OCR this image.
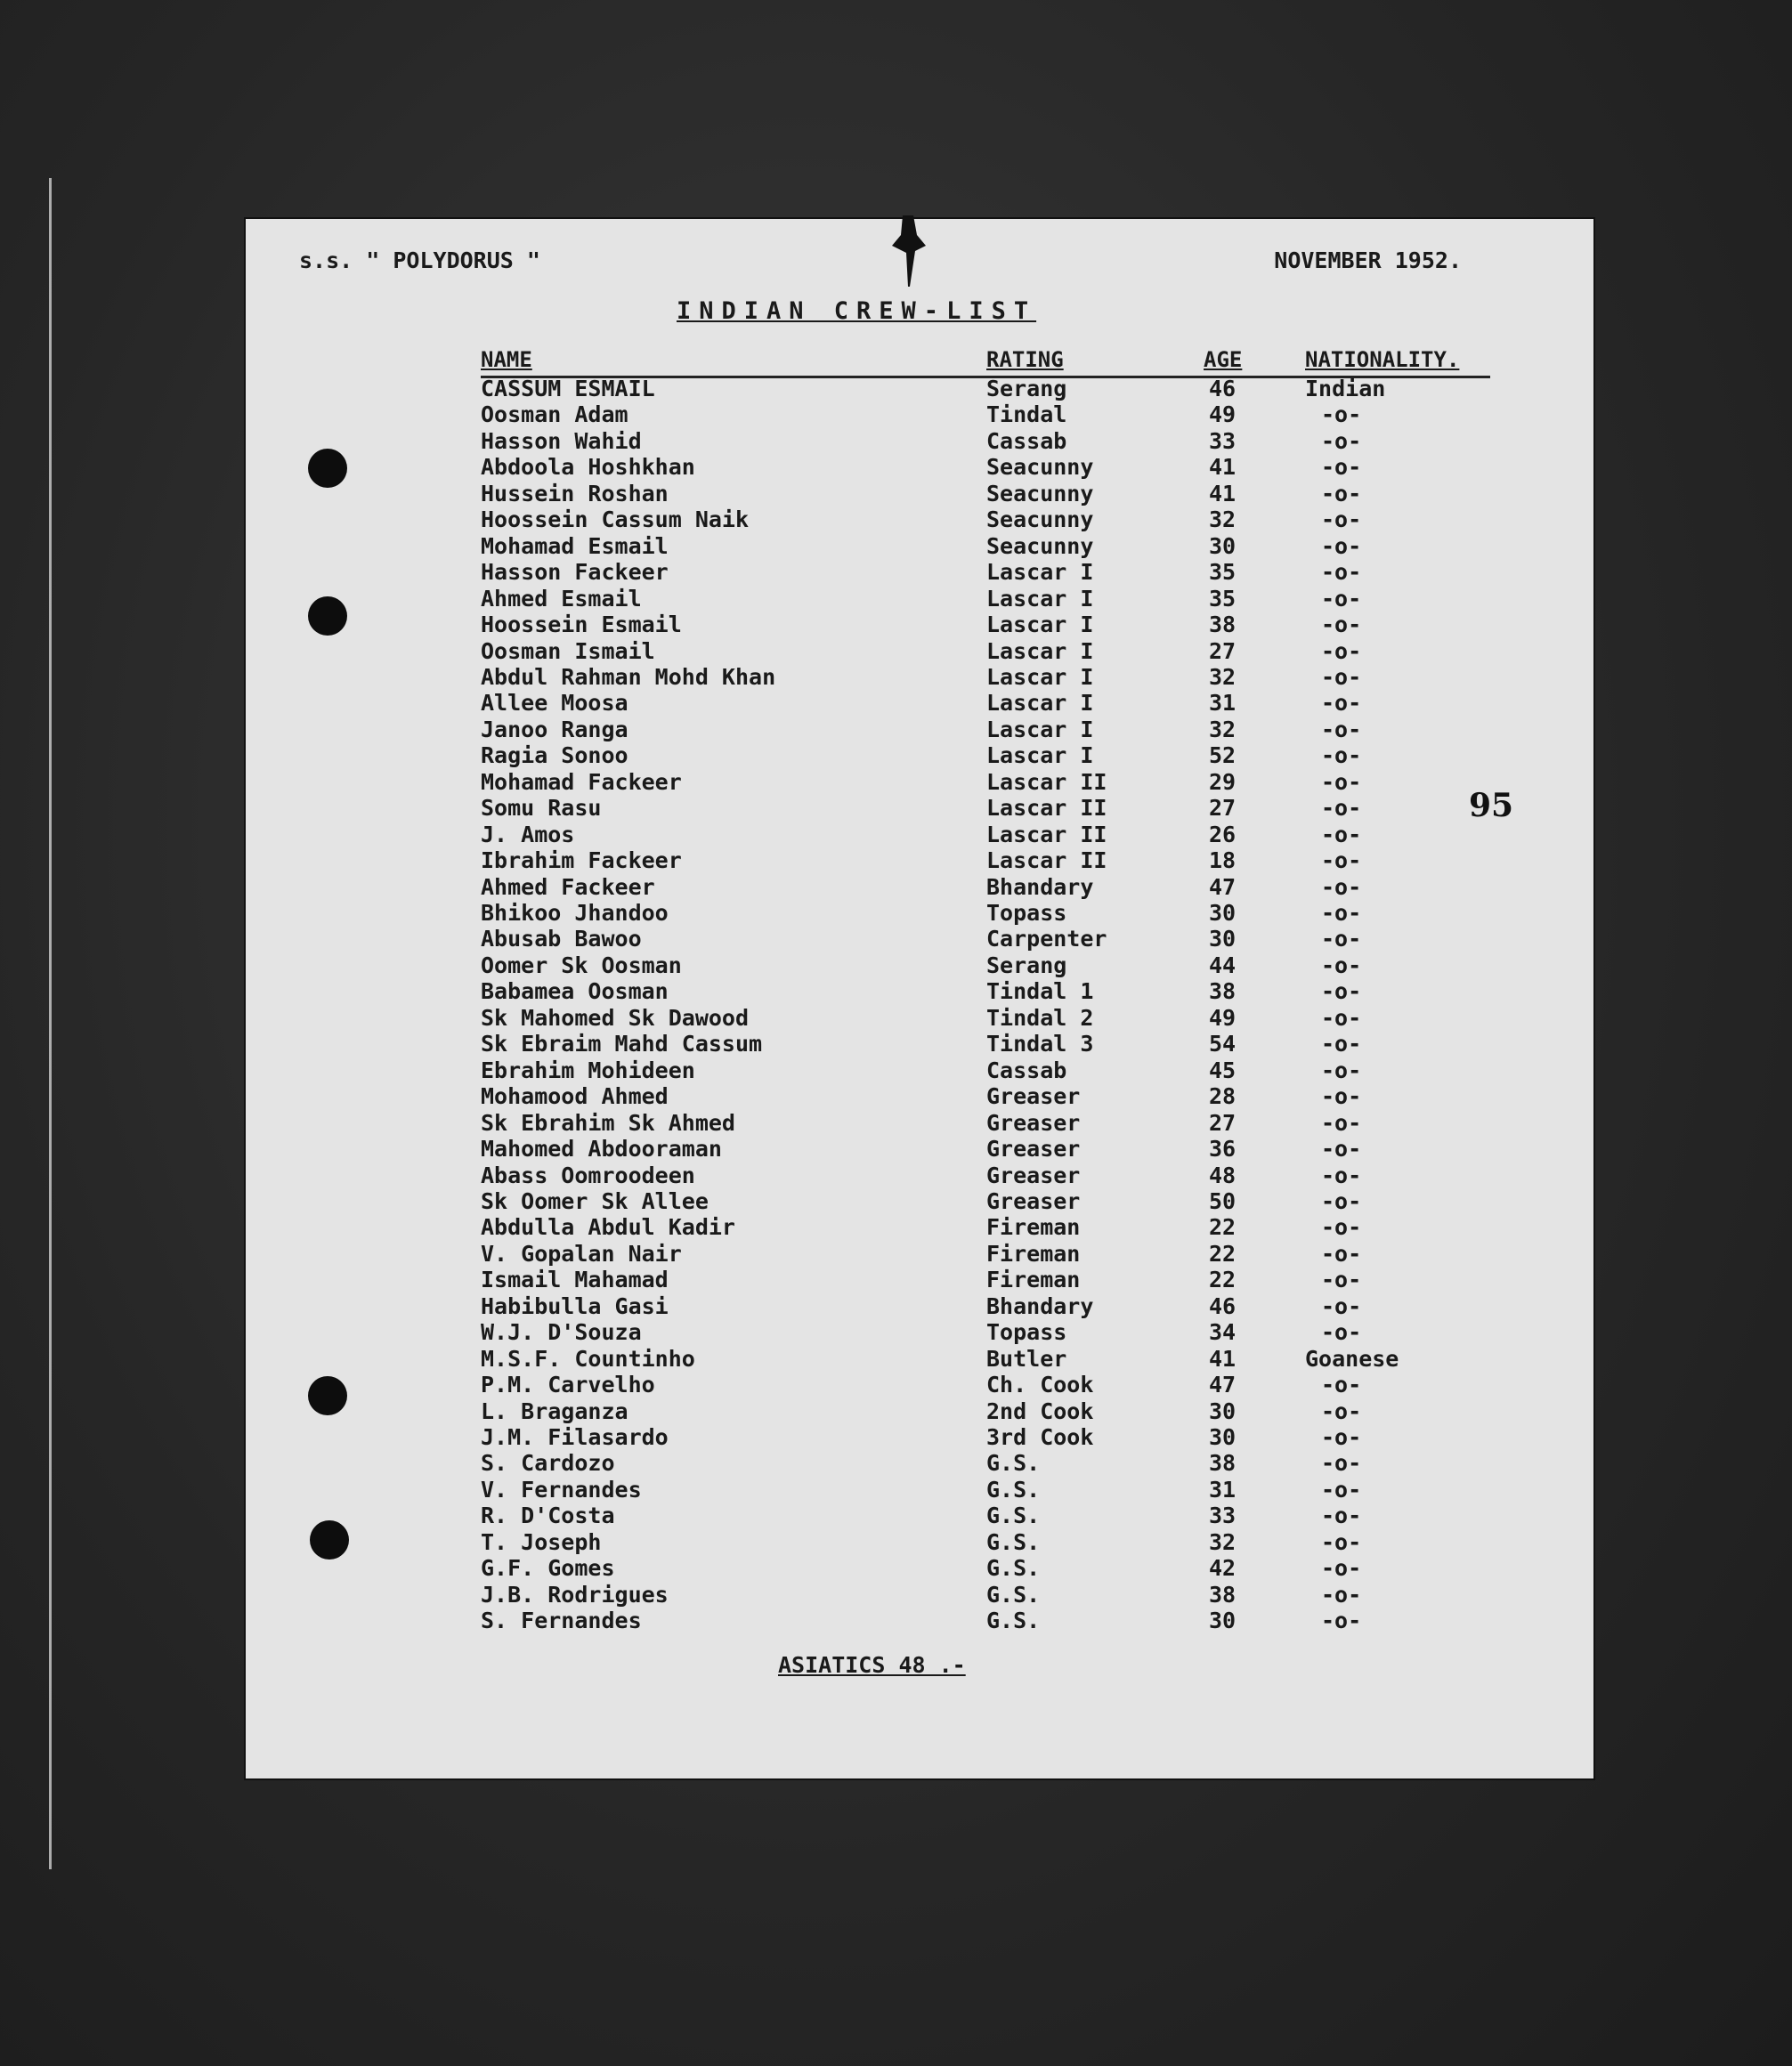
s.s. " POLYDORUS "	NOVEMBER 1952.
INDIAN CREW-LIST
NAME	RATING	AGE	NATIONALITY.
CASSUM ESMAIL	Serang	46	Indian
Oosman Adam	Tindal	49	-o-
Hasson Wahid	Cassab	33	-o-
Abdoola Hoshkhan	Seacunny	41	-o-
Hussein Roshan	Seacunny	41	-o-
Hoossein Cassum Naik	Seacunny	32	-o-
Mohamad Esmail	Seacunny	30	-o-
Hasson Fackeer	Lascar I	35	-o-
Ahmed Esmail	Lascar I	35	-o-
Hoossein Esmail	Lascar I	38	-o-
Oosman Ismail	Lascar I	27	-o-
Abdul Rahman Mohd Khan	Lascar I	32	-o-
Allee Moosa	Lascar I	31	-o-
Janoo Ranga	Lascar I	32	-o-
Ragia Sonoo	Lascar I	52	-o-
Mohamad Fackeer	Lascar II	29	-o-
Somu Rasu	Lascar II	27	-o-
J. Amos	Lascar II	26	-o-
Ibrahim Fackeer	Lascar II	18	-o-
Ahmed Fackeer	Bhandary	47	-o-
Bhikoo Jhandoo	Topass	30	-o-
Abusab Bawoo	Carpenter	30	-o-
Oomer Sk Oosman	Serang	44	-o-
Babamea Oosman	Tindal 1	38	-o-
Sk Mahomed Sk Dawood	Tindal 2	49	-o-
Sk Ebraim Mahd Cassum	Tindal 3	54	-o-
Ebrahim Mohideen	Cassab	45	-o-
Mohamood Ahmed	Greaser	28	-o-
Sk Ebrahim Sk Ahmed	Greaser	27	-o-
Mahomed Abdooraman	Greaser	36	-o-
Abass Oomroodeen	Greaser	48	-o-
Sk Oomer Sk Allee	Greaser	50	-o-
Abdulla Abdul Kadir	Fireman	22	-o-
V. Gopalan Nair	Fireman	22	-o-
Ismail Mahamad	Fireman	22	-o-
Habibulla Gasi	Bhandary	46	-o-
W.J. D'Souza	Topass	34	-o-
M.S.F. Countinho	Butler	41	Goanese
P.M. Carvelho	Ch. Cook	47	-o-
L. Braganza	2nd Cook	30	-o-
J.M. Filasardo	3rd Cook	30	-o-
S. Cardozo	G.S.	38	-o-
V. Fernandes	G.S.	31	-o-
R. D'Costa	G.S.	33	-o-
T. Joseph	G.S.	32	-o-
G.F. Gomes	G.S.	42	-o-
J.B. Rodrigues	G.S.	38	-o-
S. Fernandes	G.S.	30	-o-
ASIATICS 48 .-
95
